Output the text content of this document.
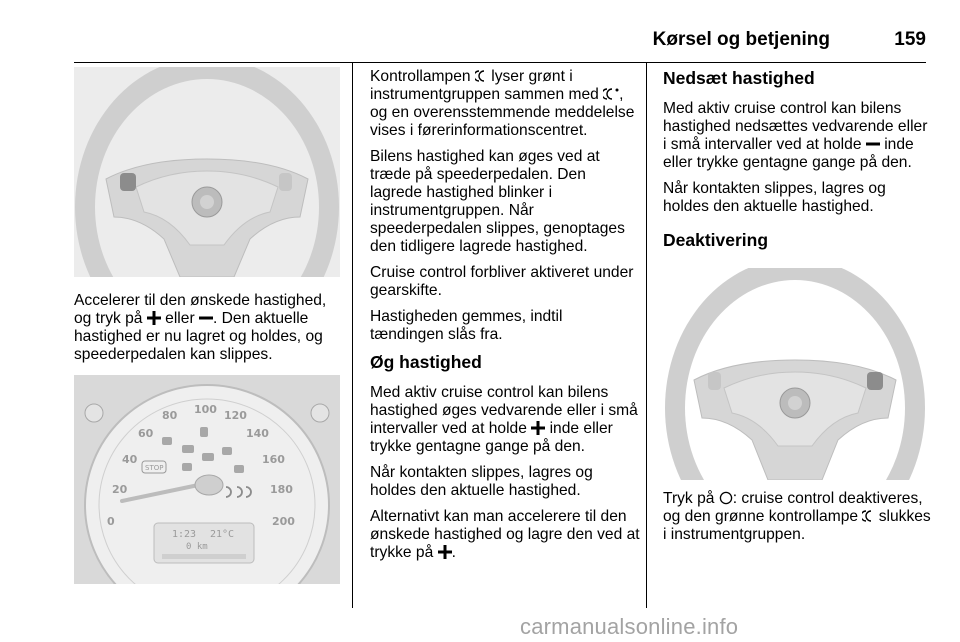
Kørsel og betjening	159

Accelerer til den ønskede hastighed, og tryk på eller . Den aktuelle hastighed er nu lagret og holdes, og speederpedalen kan slippes.

0
20
40
60
80 100 120
140
160
180
200
STOP
1:23 21°C
0 km

Kontrollampen lyser grønt i instrumentgruppen sammen med , og en overensstemmende meddelelse vises i førerinformationscentret.

Bilens hastighed kan øges ved at træde på speederpedalen. Den lagrede hastighed blinker i instrumentgruppen. Når speederpedalen slippes, genoptages den tidligere lagrede hastighed.

Cruise control forbliver aktiveret under gearskifte.

Hastigheden gemmes, indtil tændingen slås fra.

Øg hastighed

Med aktiv cruise control kan bilens hastighed øges vedvarende eller i små intervaller ved at holde inde eller trykke gentagne gange på den.

Når kontakten slippes, lagres og holdes den aktuelle hastighed.

Alternativt kan man accelerere til den ønskede hastighed og lagre den ved at trykke på .

Nedsæt hastighed

Med aktiv cruise control kan bilens hastighed nedsættes vedvarende eller i små intervaller ved at holde inde eller trykke gentagne gange på den.

Når kontakten slippes, lagres og holdes den aktuelle hastighed.

Deaktivering

Tryk på : cruise control deaktiveres, og den grønne kontrollampe slukkes i instrumentgruppen.

carmanualsonline.info
